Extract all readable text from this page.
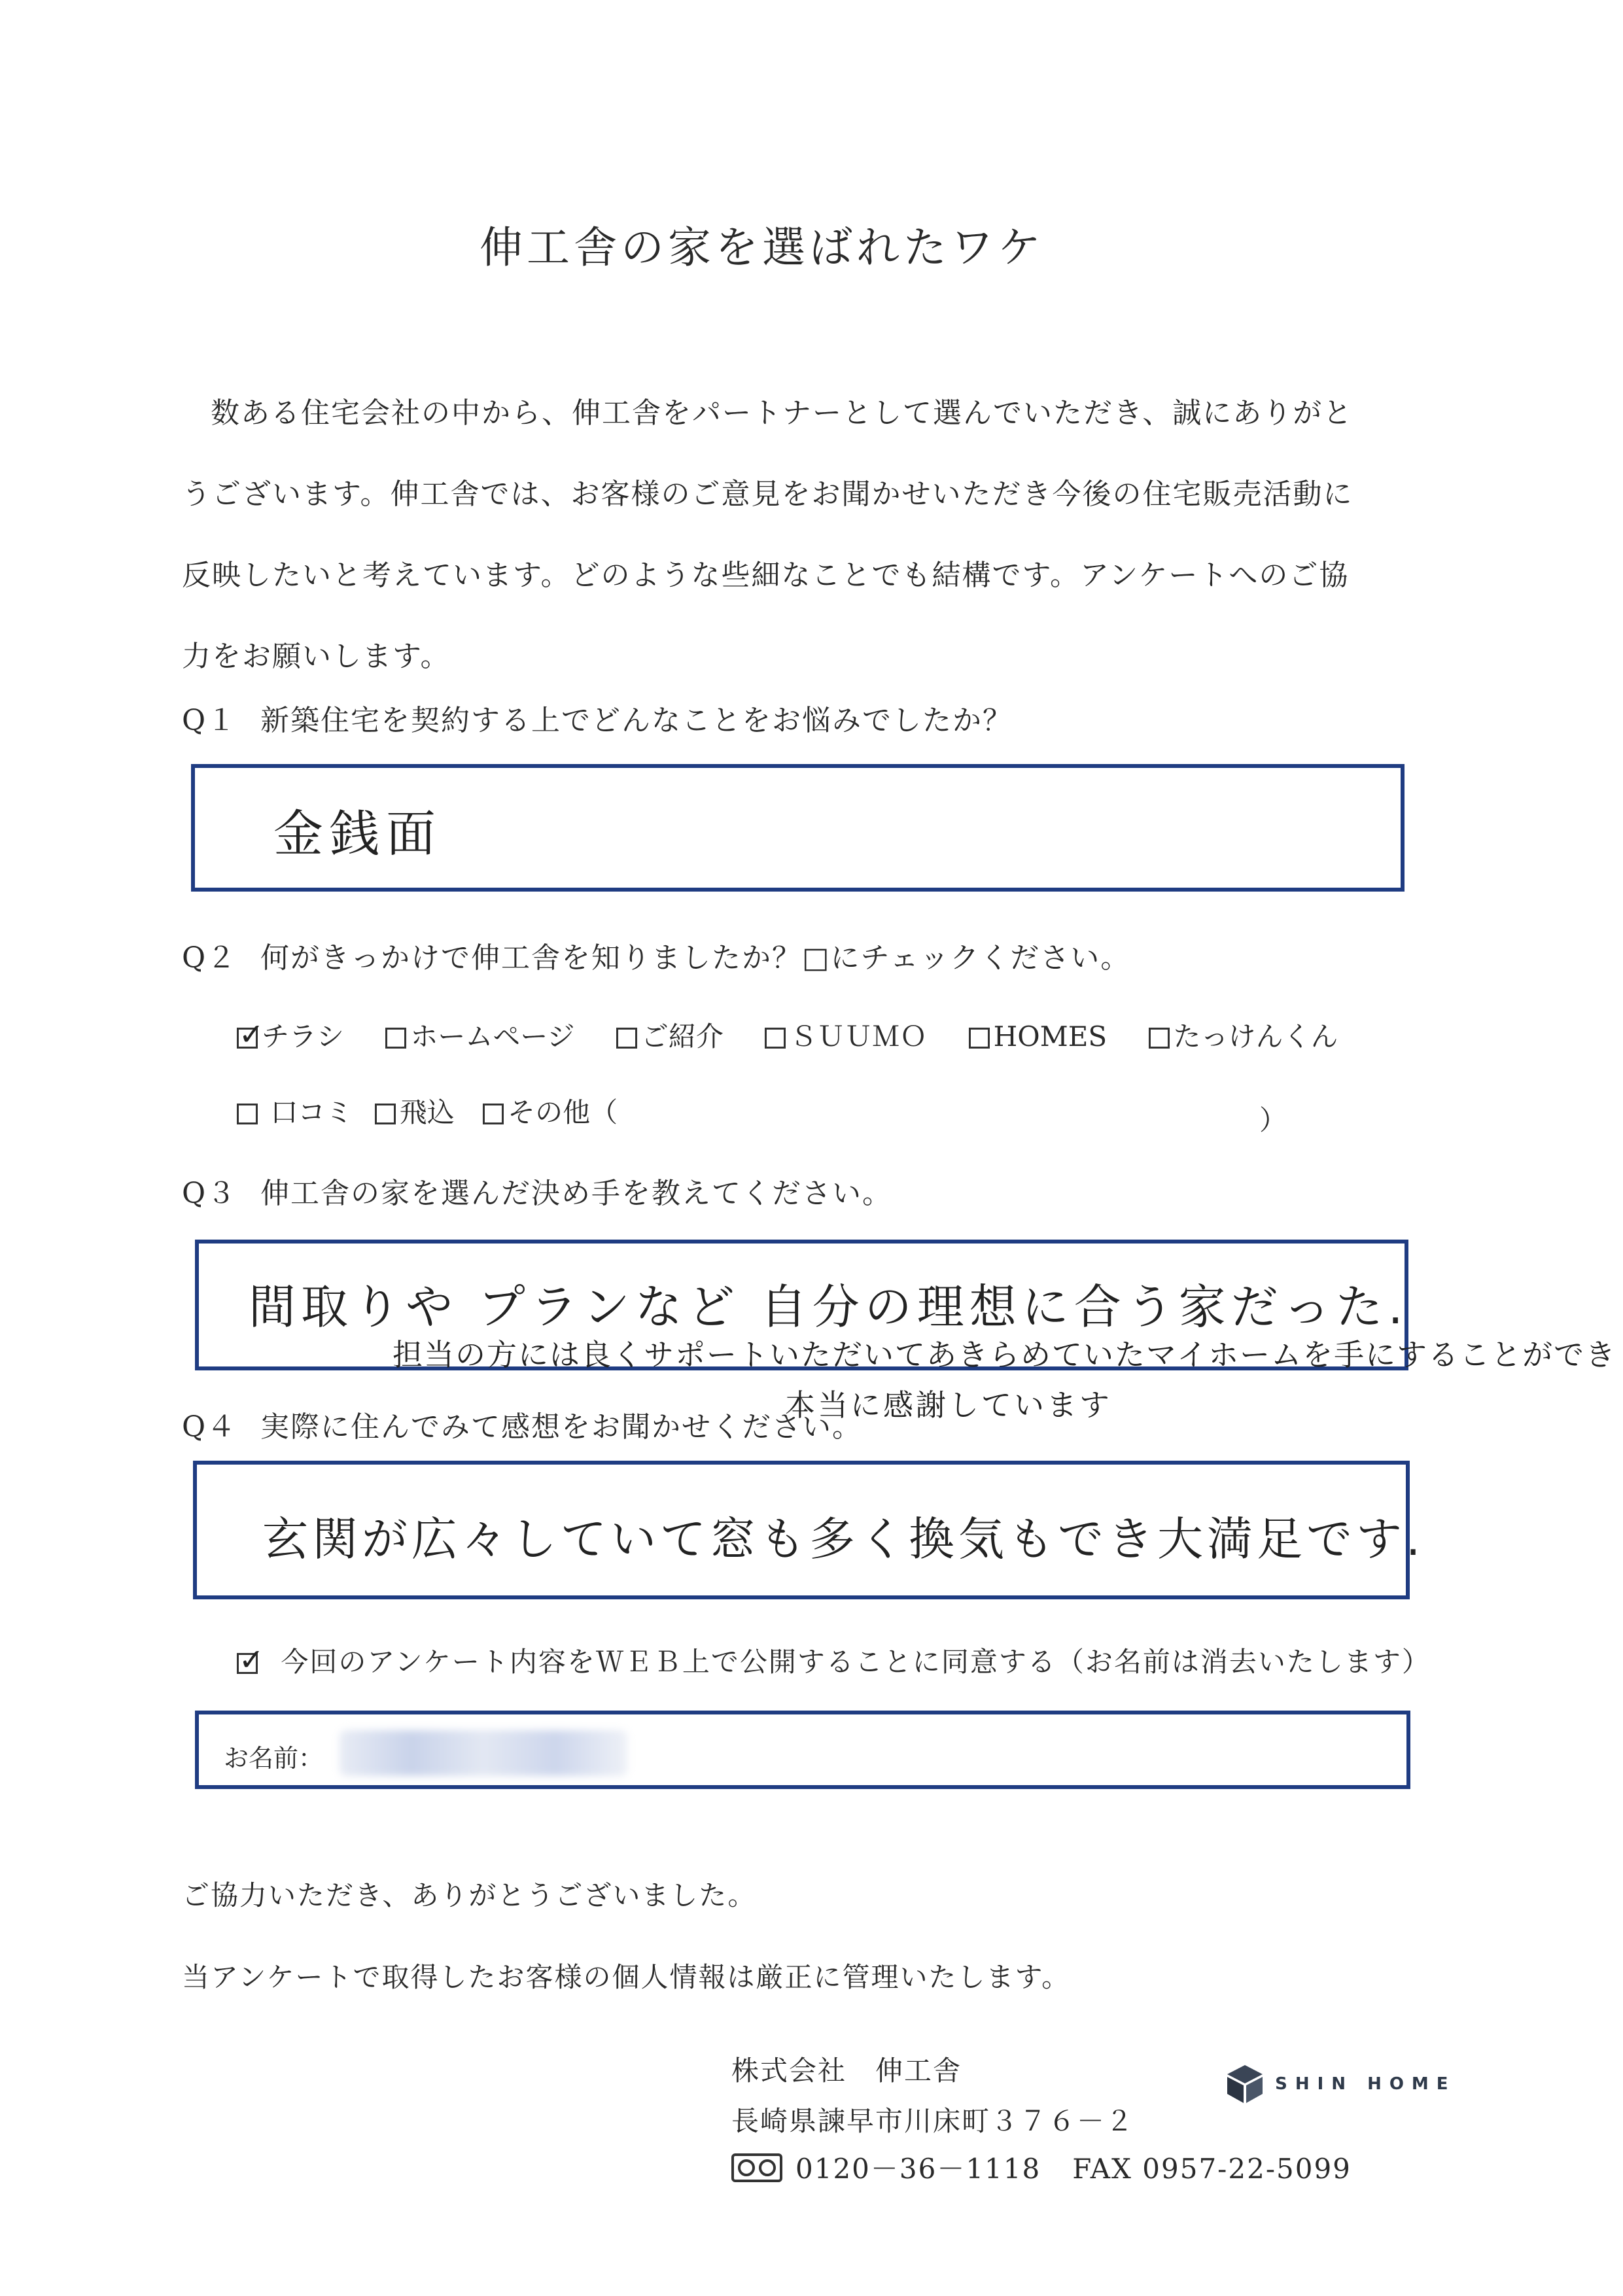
伸工舎の家を選ばれたワケ
数ある住宅会社の中から、伸工舎をパートナーとして選んでいただき、誠にありがとうございます。伸工舎では、お客様のご意見をお聞かせいただき今後の住宅販売活動に反映したいと考えています。どのような些細なことでも結構です。アンケートへのご協力をお願いします。
Q１ 新築住宅を契約する上でどんなことをお悩みでしたか？
金銭面
Q２ 何がきっかけで伸工舎を知りましたか？□にチェックください。
✓チラシ ホームページ ご紹介 ＳＵＵＭＯ HOMES たっけんくん
口コミ 飛込 その他（	）
Q３ 伸工舎の家を選んだ決め手を教えてください。
間取りや プランなど 自分の理想に合う家だった.
担当の方には良くサポートいただいてあきらめていたマイホームを手にすることができ
本当に感謝しています
Q４ 実際に住んでみて感想をお聞かせください。
玄関が広々していて窓も多く換気もでき大満足です.
✓ 今回のアンケート内容をＷＥＢ上で公開することに同意する（お名前は消去いたします）
お名前：
ご協力いただき、ありがとうございました。
当アンケートで取得したお客様の個人情報は厳正に管理いたします。
株式会社　伸工舎
長崎県諫早市川床町３７６－２
0120－36－1118 FAX 0957-22-5099
SHIN HOME
